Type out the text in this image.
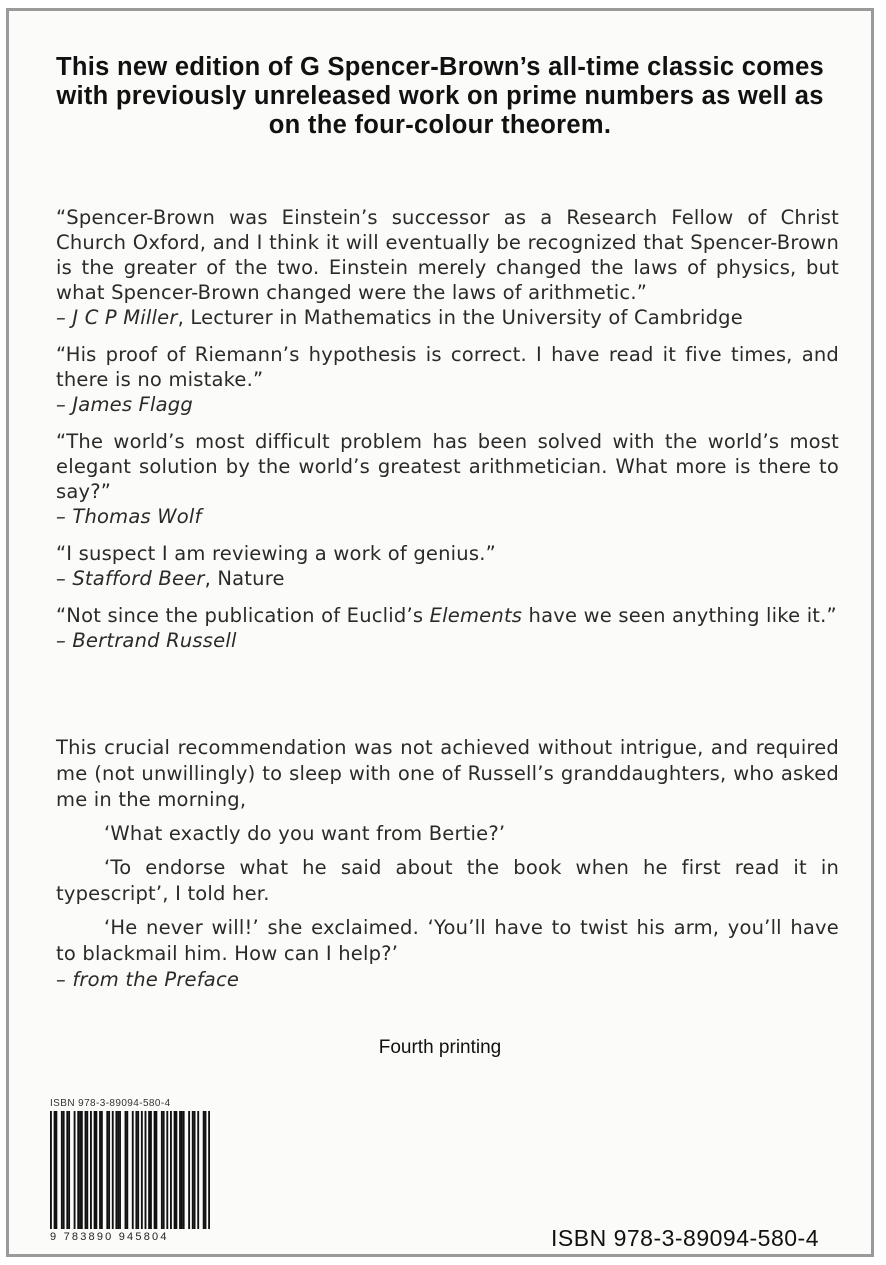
This new edition of G Spencer-Brown’s all-time classic comes with previously unreleased work on prime numbers as well as on the four-colour theorem.
“Spencer-Brown was Einstein’s successor as a Research Fellow of Christ Church Oxford, and I think it will eventually be recognized that Spencer-Brown is the greater of the two. Einstein merely changed the laws of physics, but what Spencer-Brown changed were the laws of arithmetic.”
– J C P Miller, Lecturer in Mathematics in the University of Cambridge
“His proof of Riemann’s hypothesis is correct. I have read it five times, and there is no mistake.”
– James Flagg
“The world’s most difficult problem has been solved with the world’s most elegant solution by the world’s greatest arithmetician. What more is there to say?”
– Thomas Wolf
“I suspect I am reviewing a work of genius.”
– Stafford Beer, Nature
“Not since the publication of Euclid’s Elements have we seen anything like it.”
– Bertrand Russell

This crucial recommendation was not achieved without intrigue, and required me (not unwillingly) to sleep with one of Russell’s granddaughters, who asked me in the morning,

‘What exactly do you want from Bertie?’

‘To endorse what he said about the book when he first read it in typescript’, I told her.

‘He never will!’ she exclaimed. ‘You’ll have to twist his arm, you’ll have to blackmail him. How can I help?’

– from the Preface

Fourth printing
ISBN 978-3-89094-580-4
9 783890 945804	ISBN 978-3-89094-580-4
